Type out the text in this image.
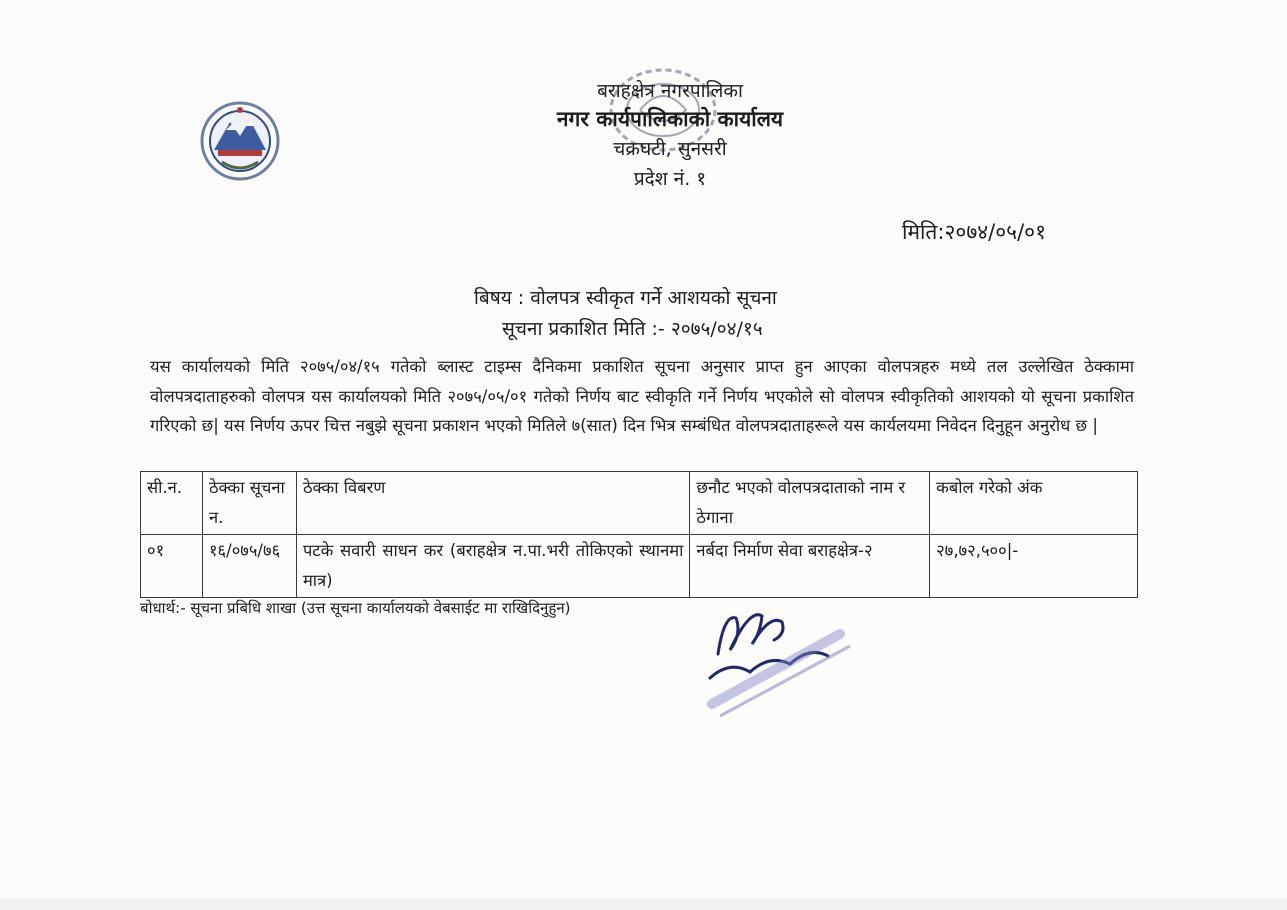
बराहक्षेत्र नगरपालिका
नगर कार्यपालिकाको कार्यालय
चक्रघटी, सुनसरी
प्रदेश नं. १
मिति:२०७४/०५/०१
बिषय : वोलपत्र स्वीकृत गर्ने आशयको सूचना
सूचना प्रकाशित मिति :- २०७५/०४/१५
यस कार्यालयको मिति २०७५/०४/१५ गतेको ब्लास्ट टाइम्स दैनिकमा प्रकाशित सूचना अनुसार प्राप्त हुन आएका वोलपत्रहरु मध्ये तल उल्लेखित ठेक्कामा वोलपत्रदाताहरुको वोलपत्र यस कार्यालयको मिति २०७५/०५/०१ गतेको निर्णय बाट स्वीकृति गर्ने निर्णय भएकोले सो वोलपत्र स्वीकृतिको आशयको यो सूचना प्रकाशित गरिएको छ| यस निर्णय ऊपर चित्त नबुझे सूचना प्रकाशन भएको मितिले ७(सात) दिन भित्र सम्बंधित वोलपत्रदाताहरूले यस कार्यलयमा निवेदन दिनुहून अनुरोध छ |
सी.न.	ठेक्का सूचना न.	ठेक्का विबरण	छनौट भएको वोलपत्रदाताको नाम र ठेगाना	कबोल गरेको अंक
०१	१६/०७५/७६	पटके सवारी साधन कर (बराहक्षेत्र न.पा.भरी तोकिएको स्थानमा मात्र)	नर्बदा निर्माण सेवा बराहक्षेत्र-२	२७,७२,५००|-
बोधार्थ:- सूचना प्रबिधि शाखा (उत्त सूचना कार्यालयको वेबसाईट मा राखिदिनुहुन)
